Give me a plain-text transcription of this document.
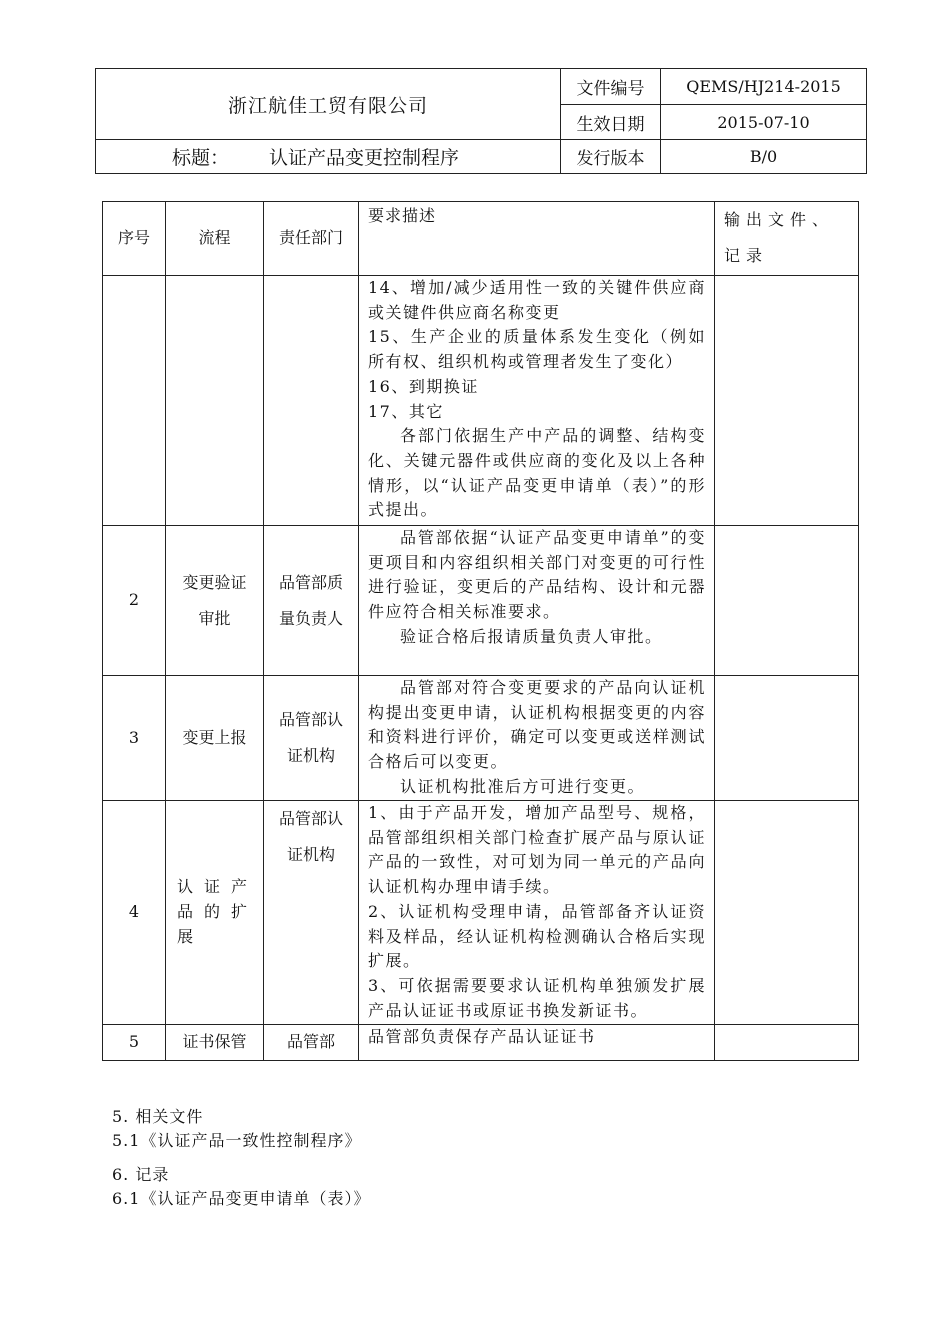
浙江航佳工贸有限公司	文件编号	QEMS/HJ214-2015
	生效日期	2015-07-10
标题： 认证产品变更控制程序	发行版本	B/0
序号	流程	责任部门	要求描述	输出文件、记录

			14、增加/减少适用性一致的关键件供应商或关键件供应商名称变更

15、生产企业的质量体系发生变化（例如所有权、组织机构或管理者发生了变化）

16、到期换证

17、其它

各部门依据生产中产品的调整、结构变化、关键元器件或供应商的变化及以上各种情形，以“认证产品变更申请单（表）”的形式提出。	

2	变更验证审批	品管部质量负责人	品管部依据“认证产品变更申请单”的变更项目和内容组织相关部门对变更的可行性进行验证，变更后的产品结构、设计和元器件应符合相关标准要求。

验证合格后报请质量负责人审批。	

3	变更上报	品管部认证机构	品管部对符合变更要求的产品向认证机构提出变更申请，认证机构根据变更的内容和资料进行评价，确定可以变更或送样测试合格后可以变更。

认证机构批准后方可进行变更。	

4	认证产品的扩展	品管部认证机构	1、由于产品开发，增加产品型号、规格，品管部组织相关部门检查扩展产品与原认证产品的一致性，对可划为同一单元的产品向认证机构办理申请手续。

2、认证机构受理申请，品管部备齐认证资料及样品，经认证机构检测确认合格后实现扩展。

3、可依据需要要求认证机构单独颁发扩展产品认证证书或原证书换发新证书。	

5	证书保管	品管部	品管部负责保存产品认证证书	

5. 相关文件
5.1《认证产品一致性控制程序》
6. 记录
6.1《认证产品变更申请单（表）》
